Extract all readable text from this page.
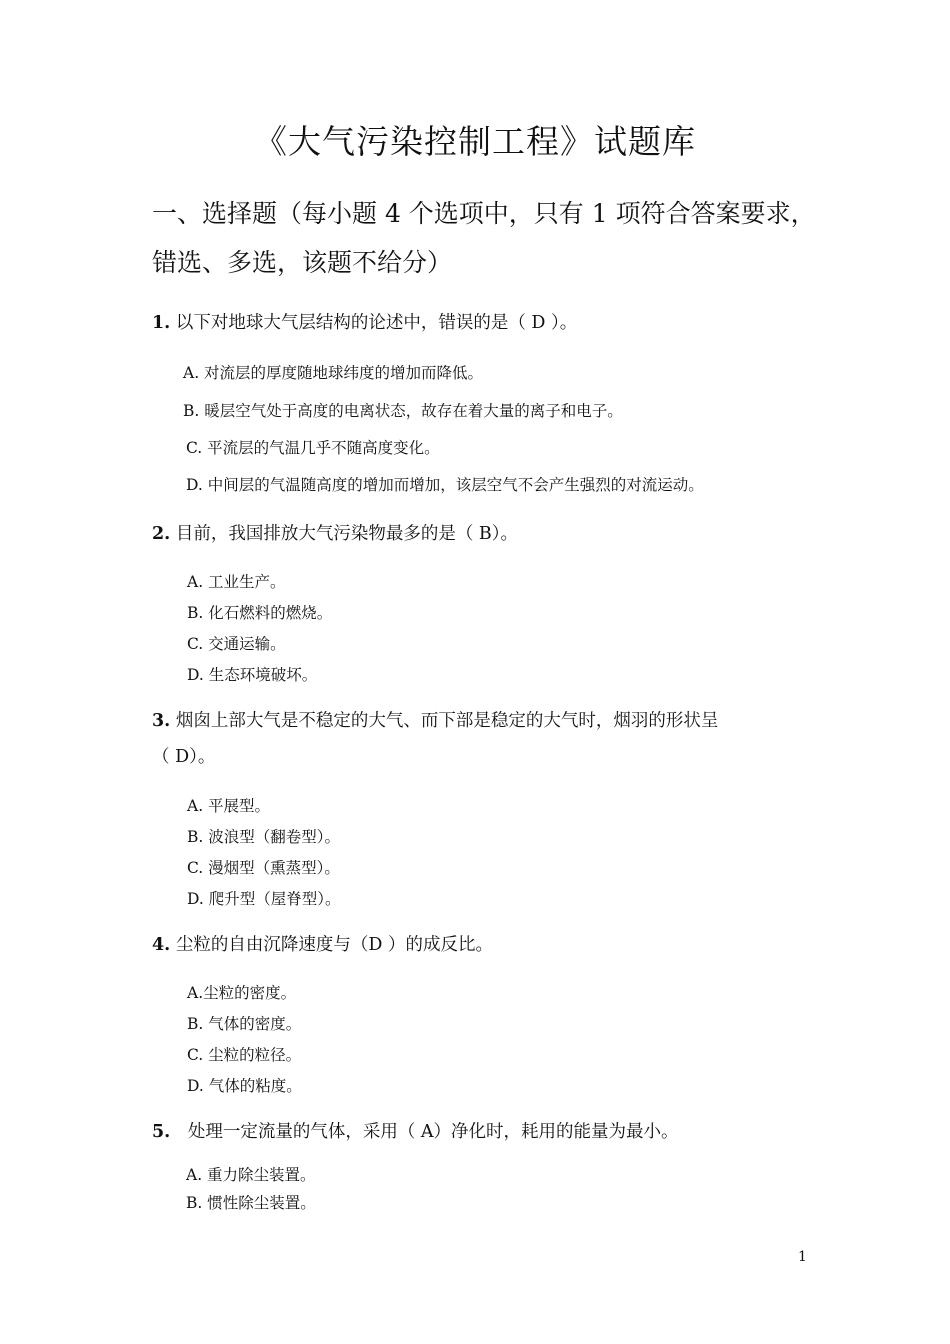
《大气污染控制工程》试题库
一、选择题（每小题 4 个选项中，只有 1 项符合答案要求，
错选、多选，该题不给分）
1. 以下对地球大气层结构的论述中，错误的是（ D ）。
A. 对流层的厚度随地球纬度的增加而降低。
B. 暖层空气处于高度的电离状态，故存在着大量的离子和电子。
C. 平流层的气温几乎不随高度变化。
D. 中间层的气温随高度的增加而增加，该层空气不会产生强烈的对流运动。
2. 目前，我国排放大气污染物最多的是（ B）。
A. 工业生产。
B. 化石燃料的燃烧。
C. 交通运输。
D. 生态环境破坏。
3. 烟囱上部大气是不稳定的大气、而下部是稳定的大气时，烟羽的形状呈
（ D）。
A. 平展型。
B. 波浪型（翻卷型）。
C. 漫烟型（熏蒸型）。
D. 爬升型（屋脊型）。
4. 尘粒的自由沉降速度与（D ）的成反比。
A.尘粒的密度。
B. 气体的密度。
C. 尘粒的粒径。
D. 气体的粘度。
5. 处理一定流量的气体，采用（ A）净化时，耗用的能量为最小。
A. 重力除尘装置。
B. 惯性除尘装置。
1
